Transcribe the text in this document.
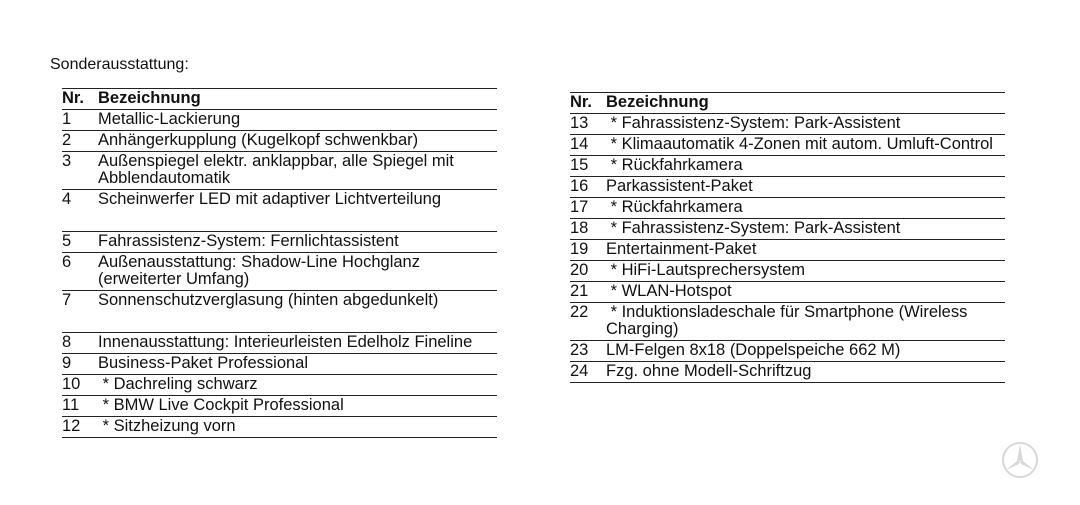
Sonderausstattung:
Nr.	Bezeichnung
1	Metallic-Lackierung
2	Anhängerkupplung (Kugelkopf schwenkbar)
3	Außenspiegel elektr. anklappbar, alle Spiegel mit Abblendautomatik
4	Scheinwerfer LED mit adaptiver Lichtverteilung
5	Fahrassistenz-System: Fernlichtassistent
6	Außenausstattung: Shadow-Line Hochglanz (erweiterter Umfang)
7	Sonnenschutzverglasung (hinten abgedunkelt)
8	Innenausstattung: Interieurleisten Edelholz Fineline
9	Business-Paket Professional
10	* Dachreling schwarz
11	* BMW Live Cockpit Professional
12	* Sitzheizung vorn
Nr.	Bezeichnung
13	* Fahrassistenz-System: Park-Assistent
14	* Klimaautomatik 4-Zonen mit autom. Umluft-Control
15	* Rückfahrkamera
16	Parkassistent-Paket
17	* Rückfahrkamera
18	* Fahrassistenz-System: Park-Assistent
19	Entertainment-Paket
20	* HiFi-Lautsprechersystem
21	* WLAN-Hotspot
22	* Induktionsladeschale für Smartphone (Wireless Charging)
23	LM-Felgen 8x18 (Doppelspeiche 662 M)
24	Fzg. ohne Modell-Schriftzug
